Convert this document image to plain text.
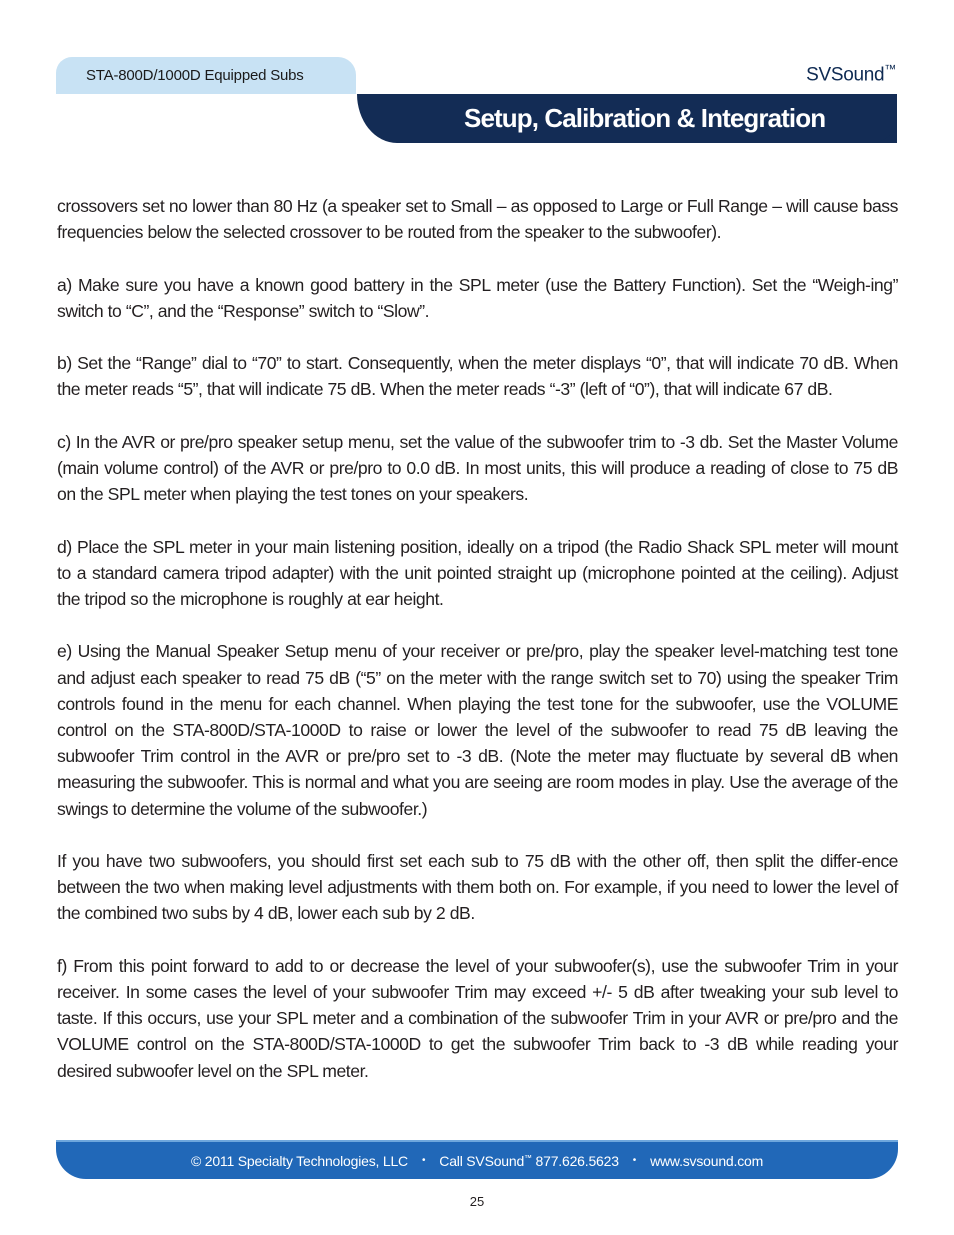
STA-800D/1000D Equipped Subs	SVSound™
Setup, Calibration & Integration

crossovers set no lower than 80 Hz (a speaker set to Small – as opposed to Large or Full Range – will cause bass frequencies below the selected crossover to be routed from the speaker to the subwoofer).

a) Make sure you have a known good battery in the SPL meter (use the Battery Function). Set the “Weigh-ing” switch to “C”, and the “Response” switch to “Slow”.

b) Set the “Range” dial to “70” to start. Consequently, when the meter displays “0”, that will indicate 70 dB. When the meter reads “5”, that will indicate 75 dB. When the meter reads “-3” (left of “0”), that will indicate 67 dB.

c) In the AVR or pre/pro speaker setup menu, set the value of the subwoofer trim to -3 db. Set the Master Volume (main volume control) of the AVR or pre/pro to 0.0 dB. In most units, this will produce a reading of close to 75 dB on the SPL meter when playing the test tones on your speakers.

d) Place the SPL meter in your main listening position, ideally on a tripod (the Radio Shack SPL meter will mount to a standard camera tripod adapter) with the unit pointed straight up (microphone pointed at the ceiling). Adjust the tripod so the microphone is roughly at ear height.

e) Using the Manual Speaker Setup menu of your receiver or pre/pro, play the speaker level-matching test tone and adjust each speaker to read 75 dB (“5” on the meter with the range switch set to 70) using the speaker Trim controls found in the menu for each channel. When playing the test tone for the subwoofer, use the VOLUME control on the STA-800D/STA-1000D to raise or lower the level of the subwoofer to read 75 dB leaving the subwoofer Trim control in the AVR or pre/pro set to -3 dB. (Note the meter may fluctuate by several dB when measuring the subwoofer. This is normal and what you are seeing are room modes in play. Use the average of the swings to determine the volume of the subwoofer.)

If you have two subwoofers, you should first set each sub to 75 dB with the other off, then split the differ-ence between the two when making level adjustments with them both on. For example, if you need to lower the level of the combined two subs by 4 dB, lower each sub by 2 dB.

f) From this point forward to add to or decrease the level of your subwoofer(s), use the subwoofer Trim in your receiver. In some cases the level of your subwoofer Trim may exceed +/- 5 dB after tweaking your sub level to taste. If this occurs, use your SPL meter and a combination of the subwoofer Trim in your AVR or pre/pro and the VOLUME control on the STA-800D/STA-1000D to get the subwoofer Trim back to -3 dB while reading your desired subwoofer level on the SPL meter.

© 2011 Specialty Technologies, LLC • Call SVSound™ 877.626.5623 • www.svsound.com
25
